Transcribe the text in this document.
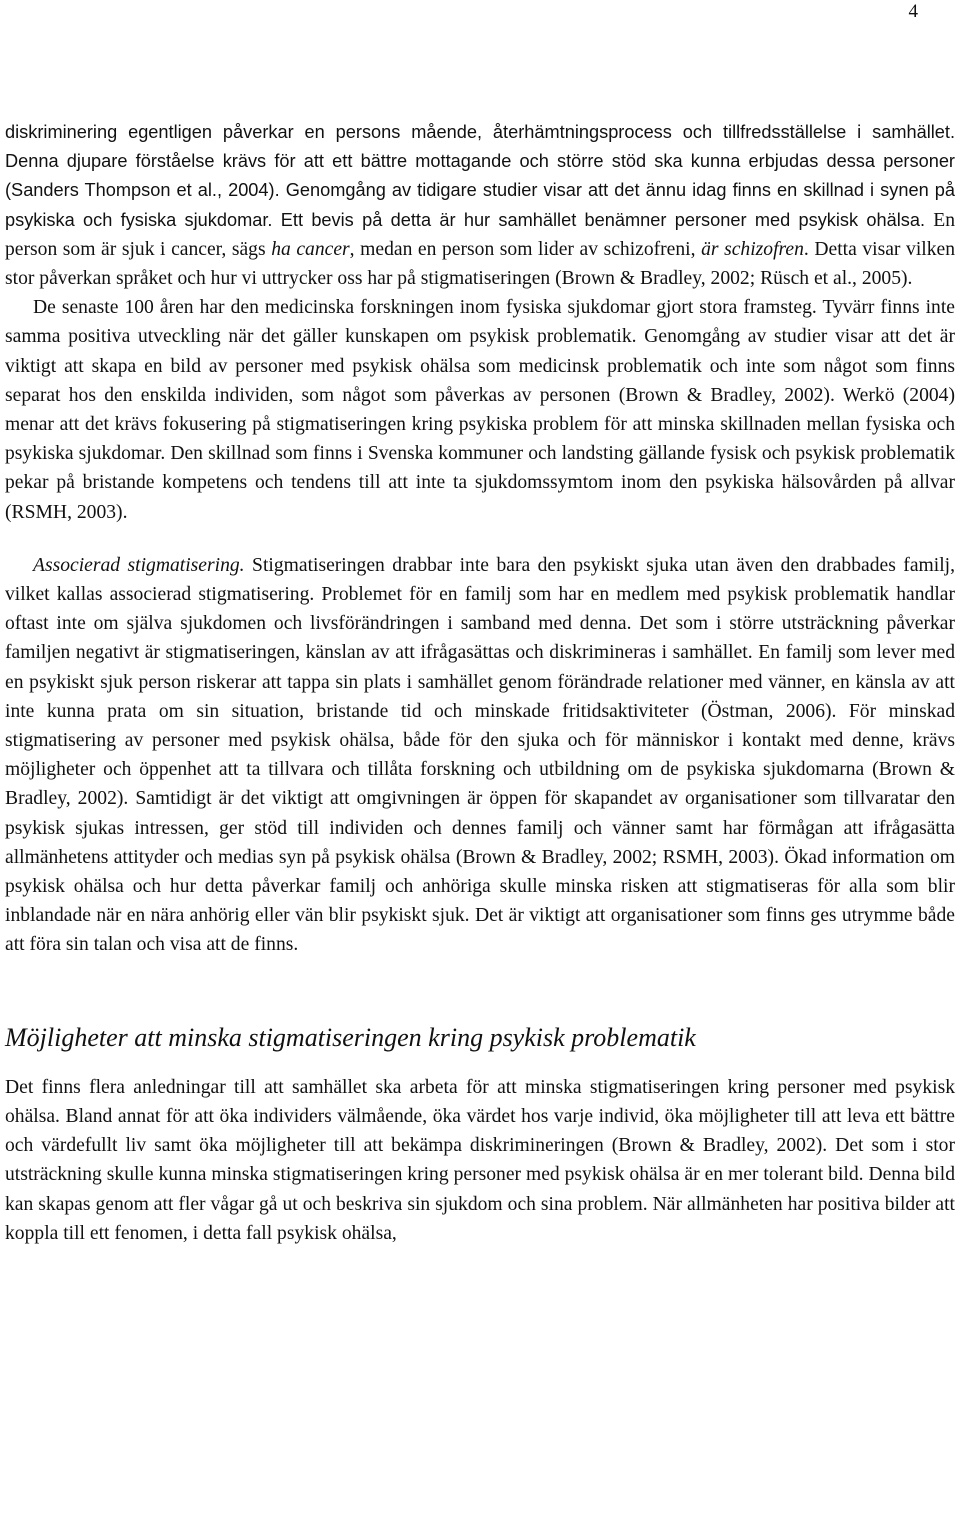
4

diskriminering egentligen påverkar en persons mående, återhämtningsprocess och tillfredsställelse i samhället. Denna djupare förståelse krävs för att ett bättre mottagande och större stöd ska kunna erbjudas dessa personer (Sanders Thompson et al., 2004). Genomgång av tidigare studier visar att det ännu idag finns en skillnad i synen på psykiska och fysiska sjukdomar. Ett bevis på detta är hur samhället benämner personer med psykisk ohälsa. En person som är sjuk i cancer, sägs ha cancer, medan en person som lider av schizofreni, är schizofren. Detta visar vilken stor påverkan språket och hur vi uttrycker oss har på stigmatiseringen (Brown & Bradley, 2002; Rüsch et al., 2005).

De senaste 100 åren har den medicinska forskningen inom fysiska sjukdomar gjort stora framsteg. Tyvärr finns inte samma positiva utveckling när det gäller kunskapen om psykisk problematik. Genomgång av studier visar att det är viktigt att skapa en bild av personer med psykisk ohälsa som medicinsk problematik och inte som något som finns separat hos den enskilda individen, som något som påverkas av personen (Brown & Bradley, 2002). Werkö (2004) menar att det krävs fokusering på stigmatiseringen kring psykiska problem för att minska skillnaden mellan fysiska och psykiska sjukdomar. Den skillnad som finns i Svenska kommuner och landsting gällande fysisk och psykisk problematik pekar på bristande kompetens och tendens till att inte ta sjukdomssymtom inom den psykiska hälsovården på allvar (RSMH, 2003).

Associerad stigmatisering. Stigmatiseringen drabbar inte bara den psykiskt sjuka utan även den drabbades familj, vilket kallas associerad stigmatisering. Problemet för en familj som har en medlem med psykisk problematik handlar oftast inte om själva sjukdomen och livsförändringen i samband med denna. Det som i större utsträckning påverkar familjen negativt är stigmatiseringen, känslan av att ifrågasättas och diskrimineras i samhället. En familj som lever med en psykiskt sjuk person riskerar att tappa sin plats i samhället genom förändrade relationer med vänner, en känsla av att inte kunna prata om sin situation, bristande tid och minskade fritidsaktiviteter (Östman, 2006). För minskad stigmatisering av personer med psykisk ohälsa, både för den sjuka och för människor i kontakt med denne, krävs möjligheter och öppenhet att ta tillvara och tillåta forskning och utbildning om de psykiska sjukdomarna (Brown & Bradley, 2002). Samtidigt är det viktigt att omgivningen är öppen för skapandet av organisationer som tillvaratar den psykisk sjukas intressen, ger stöd till individen och dennes familj och vänner samt har förmågan att ifrågasätta allmänhetens attityder och medias syn på psykisk ohälsa (Brown & Bradley, 2002; RSMH, 2003). Ökad information om psykisk ohälsa och hur detta påverkar familj och anhöriga skulle minska risken att stigmatiseras för alla som blir inblandade när en nära anhörig eller vän blir psykiskt sjuk. Det är viktigt att organisationer som finns ges utrymme både att föra sin talan och visa att de finns.

Möjligheter att minska stigmatiseringen kring psykisk problematik

Det finns flera anledningar till att samhället ska arbeta för att minska stigmatiseringen kring personer med psykisk ohälsa. Bland annat för att öka individers välmående, öka värdet hos varje individ, öka möjligheter till att leva ett bättre och värdefullt liv samt öka möjligheter till att bekämpa diskrimineringen (Brown & Bradley, 2002). Det som i stor utsträckning skulle kunna minska stigmatiseringen kring personer med psykisk ohälsa är en mer tolerant bild. Denna bild kan skapas genom att fler vågar gå ut och beskriva sin sjukdom och sina problem. När allmänheten har positiva bilder att koppla till ett fenomen, i detta fall psykisk ohälsa,
